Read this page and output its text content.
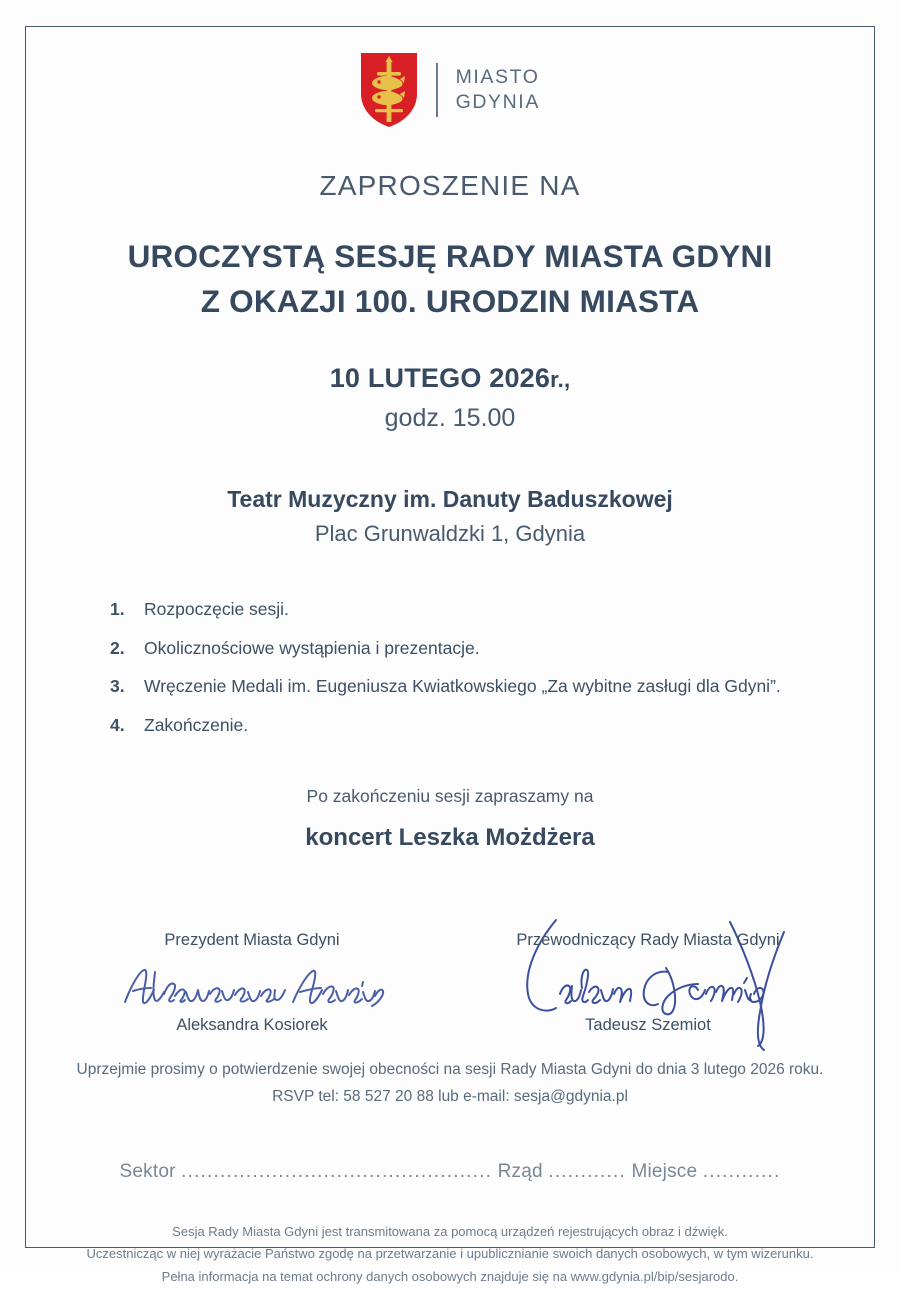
MIASTO
GDYNIA
ZAPROSZENIE NA
UROCZYSTĄ SESJĘ RADY MIASTA GDYNI
Z OKAZJI 100. URODZIN MIASTA
10 LUTEGO 2026r.,
godz. 15.00
Teatr Muzyczny im. Danuty Baduszkowej
Plac Grunwaldzki 1, Gdynia
1. Rozpoczęcie sesji.
2. Okolicznościowe wystąpienia i prezentacje.
3. Wręczenie Medali im. Eugeniusza Kwiatkowskiego „Za wybitne zasługi dla Gdyni”.
4. Zakończenie.
Po zakończeniu sesji zapraszamy na
koncert Leszka Możdżera
Prezydent Miasta Gdyni
Aleksandra Kosiorek
Przewodniczący Rady Miasta Gdyni
Tadeusz Szemiot
Uprzejmie prosimy o potwierdzenie swojej obecności na sesji Rady Miasta Gdyni do dnia 3 lutego 2026 roku.
RSVP tel: 58 527 20 88 lub e-mail: sesja@gdynia.pl
Sektor ................................................ Rząd ............ Miejsce ............
Sesja Rady Miasta Gdyni jest transmitowana za pomocą urządzeń rejestrujących obraz i dźwięk.
Uczestnicząc w niej wyrażacie Państwo zgodę na przetwarzanie i upublicznianie swoich danych osobowych, w tym wizerunku.
Pełna informacja na temat ochrony danych osobowych znajduje się na www.gdynia.pl/bip/sesjarodo.
